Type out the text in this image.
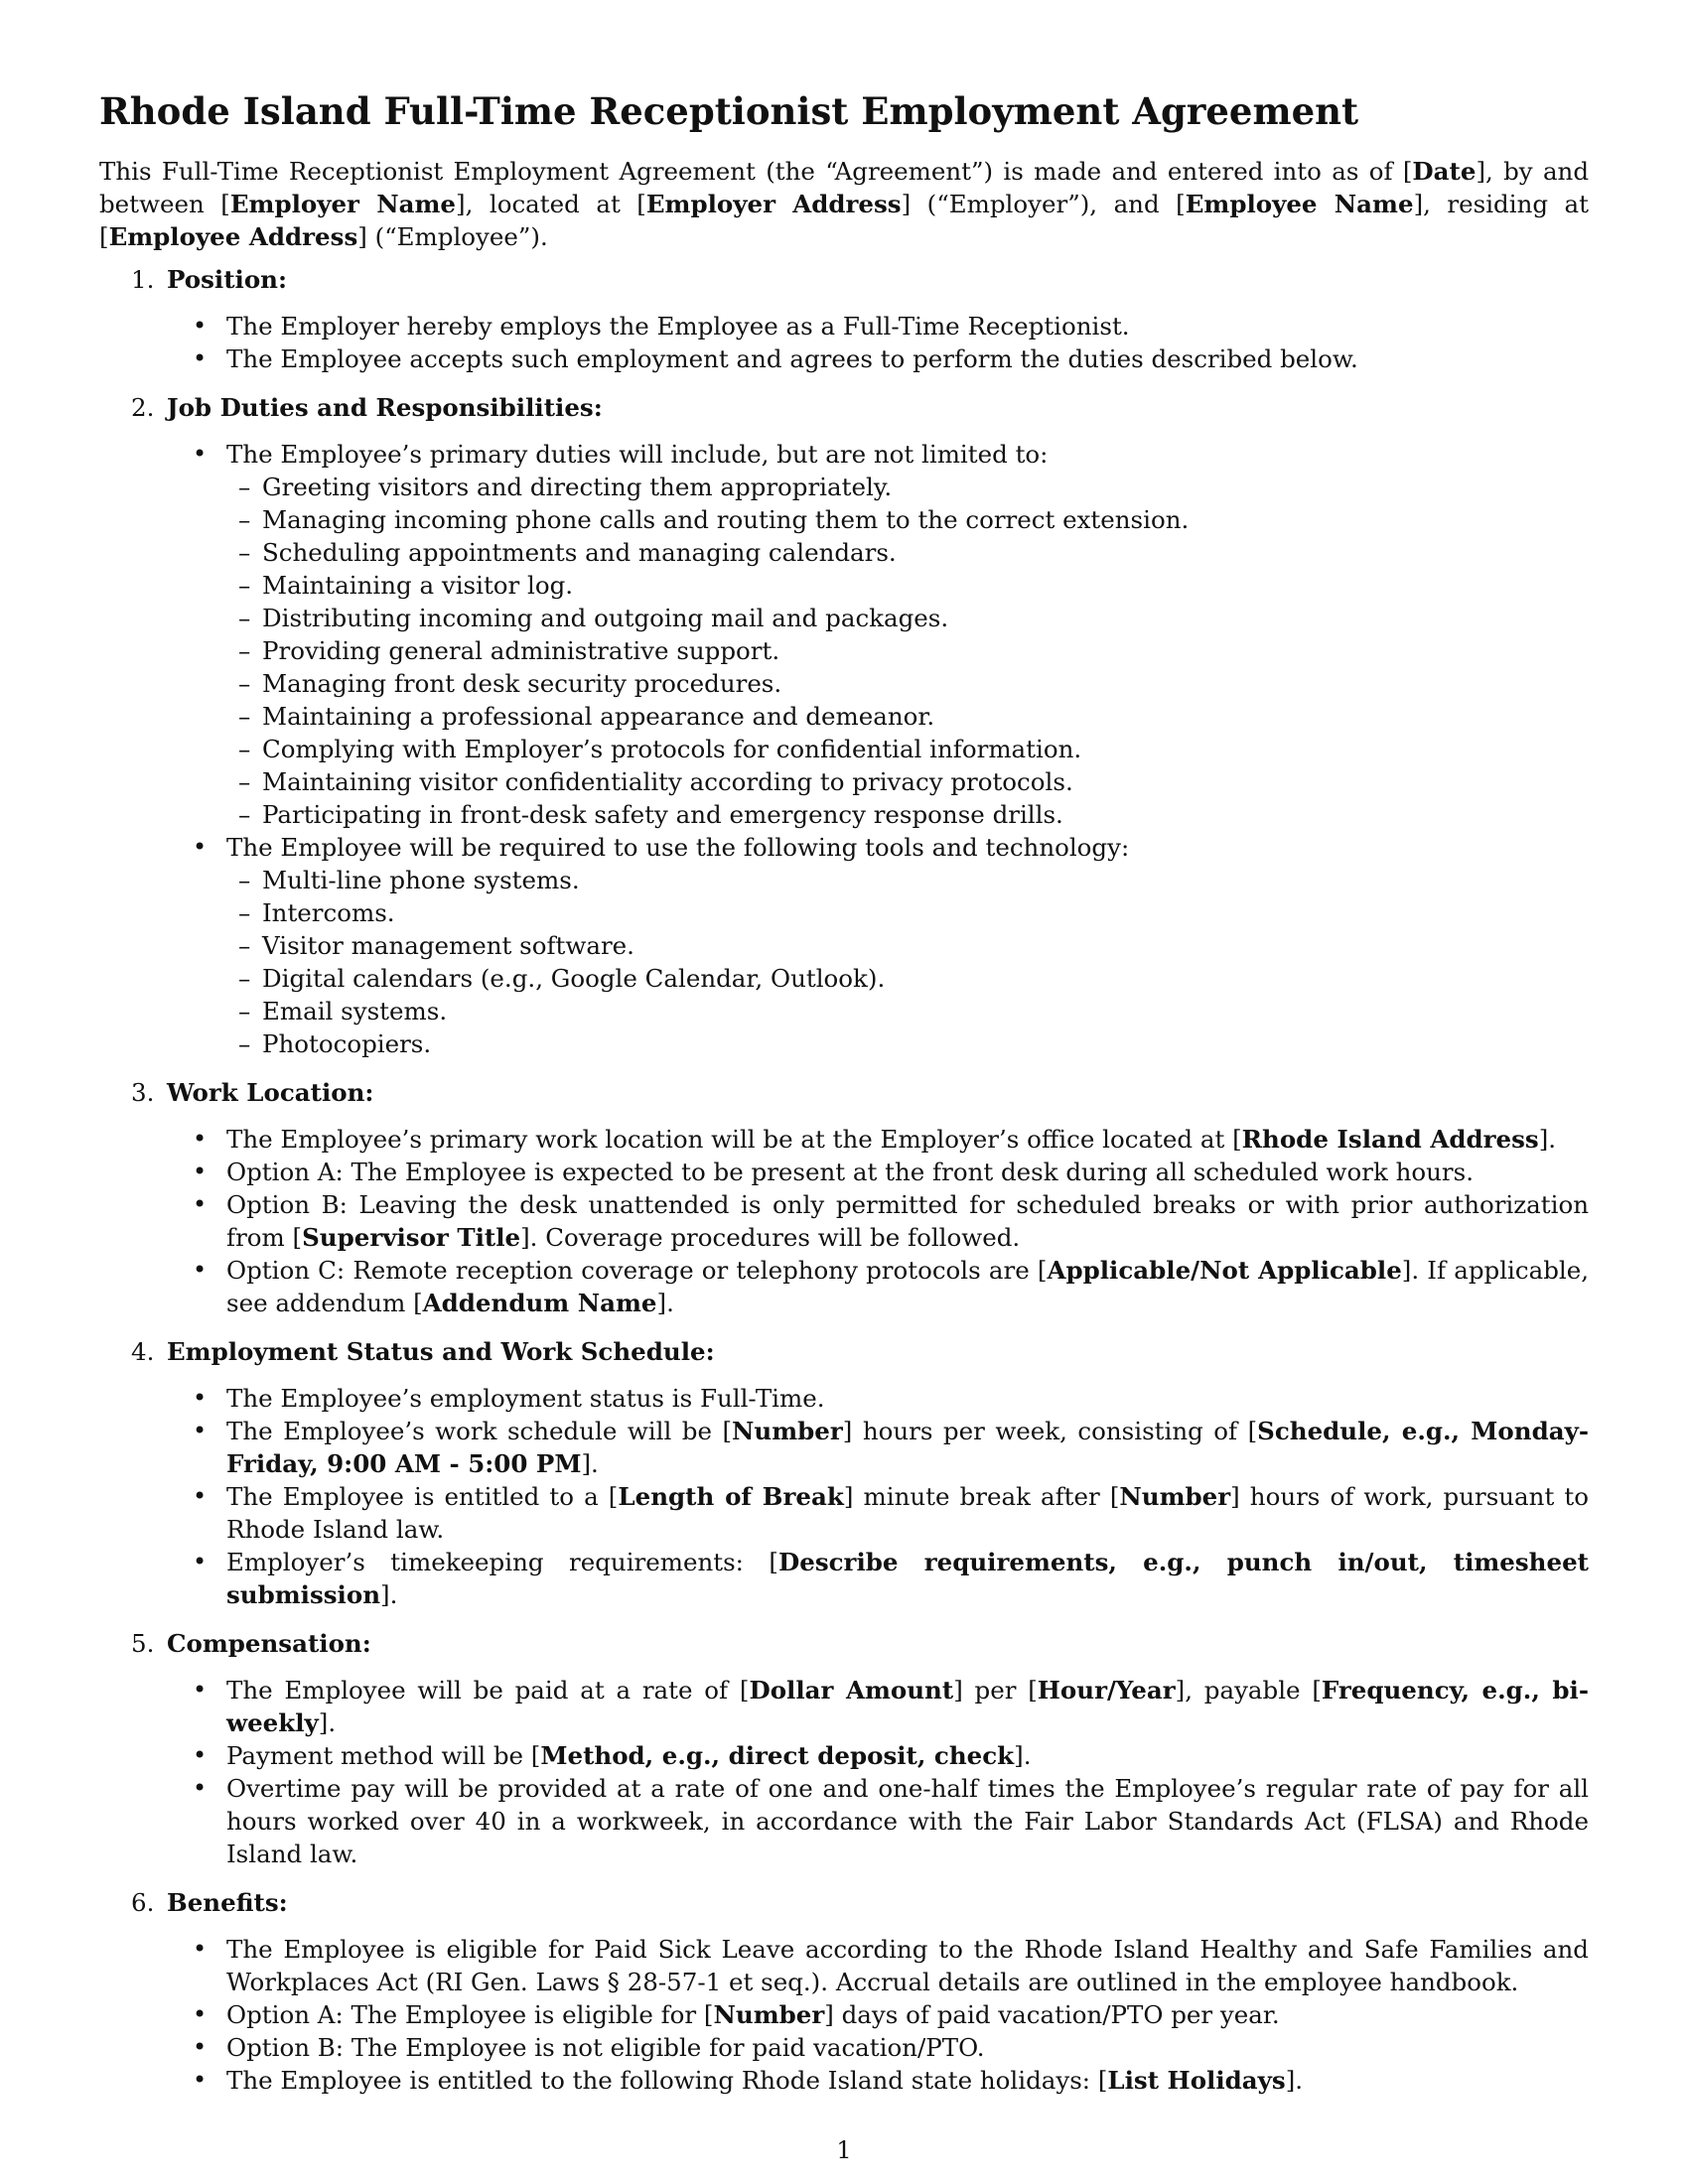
Rhode Island Full-Time Receptionist Employment Agreement

This Full-Time Receptionist Employment Agreement (the “Agreement”) is made and entered into as of [Date], by and between [Employer Name], located at [Employer Address] (“Employer”), and [Employee Name], residing at [Employee Address] (“Employee”).

1. Position:
• The Employer hereby employs the Employee as a Full-Time Receptionist.
• The Employee accepts such employment and agrees to perform the duties described below.
2. Job Duties and Responsibilities:
• The Employee’s primary duties will include, but are not limited to:
– Greeting visitors and directing them appropriately.
– Managing incoming phone calls and routing them to the correct extension.
– Scheduling appointments and managing calendars.
– Maintaining a visitor log.
– Distributing incoming and outgoing mail and packages.
– Providing general administrative support.
– Managing front desk security procedures.
– Maintaining a professional appearance and demeanor.
– Complying with Employer’s protocols for confidential information.
– Maintaining visitor confidentiality according to privacy protocols.
– Participating in front-desk safety and emergency response drills.
• The Employee will be required to use the following tools and technology:
– Multi-line phone systems.
– Intercoms.
– Visitor management software.
– Digital calendars (e.g., Google Calendar, Outlook).
– Email systems.
– Photocopiers.
3. Work Location:
• The Employee’s primary work location will be at the Employer’s office located at [Rhode Island Address].
• Option A: The Employee is expected to be present at the front desk during all scheduled work hours.
• Option B: Leaving the desk unattended is only permitted for scheduled breaks or with prior authorization from [Supervisor Title]. Coverage procedures will be followed.
• Option C: Remote reception coverage or telephony protocols are [Applicable/Not Applicable]. If applicable, see addendum [Addendum Name].
4. Employment Status and Work Schedule:
• The Employee’s employment status is Full-Time.
• The Employee’s work schedule will be [Number] hours per week, consisting of [Schedule, e.g., Monday-Friday, 9:00 AM - 5:00 PM].
• The Employee is entitled to a [Length of Break] minute break after [Number] hours of work, pursuant to Rhode Island law.
• Employer’s timekeeping requirements: [Describe requirements, e.g., punch in/out, timesheet submission].
5. Compensation:
• The Employee will be paid at a rate of [Dollar Amount] per [Hour/Year], payable [Frequency, e.g., bi-weekly].
• Payment method will be [Method, e.g., direct deposit, check].
• Overtime pay will be provided at a rate of one and one-half times the Employee’s regular rate of pay for all hours worked over 40 in a workweek, in accordance with the Fair Labor Standards Act (FLSA) and Rhode Island law.
6. Benefits:
• The Employee is eligible for Paid Sick Leave according to the Rhode Island Healthy and Safe Families and Workplaces Act (RI Gen. Laws § 28-57-1 et seq.). Accrual details are outlined in the employee handbook.
• Option A: The Employee is eligible for [Number] days of paid vacation/PTO per year.
• Option B: The Employee is not eligible for paid vacation/PTO.
• The Employee is entitled to the following Rhode Island state holidays: [List Holidays].
1
